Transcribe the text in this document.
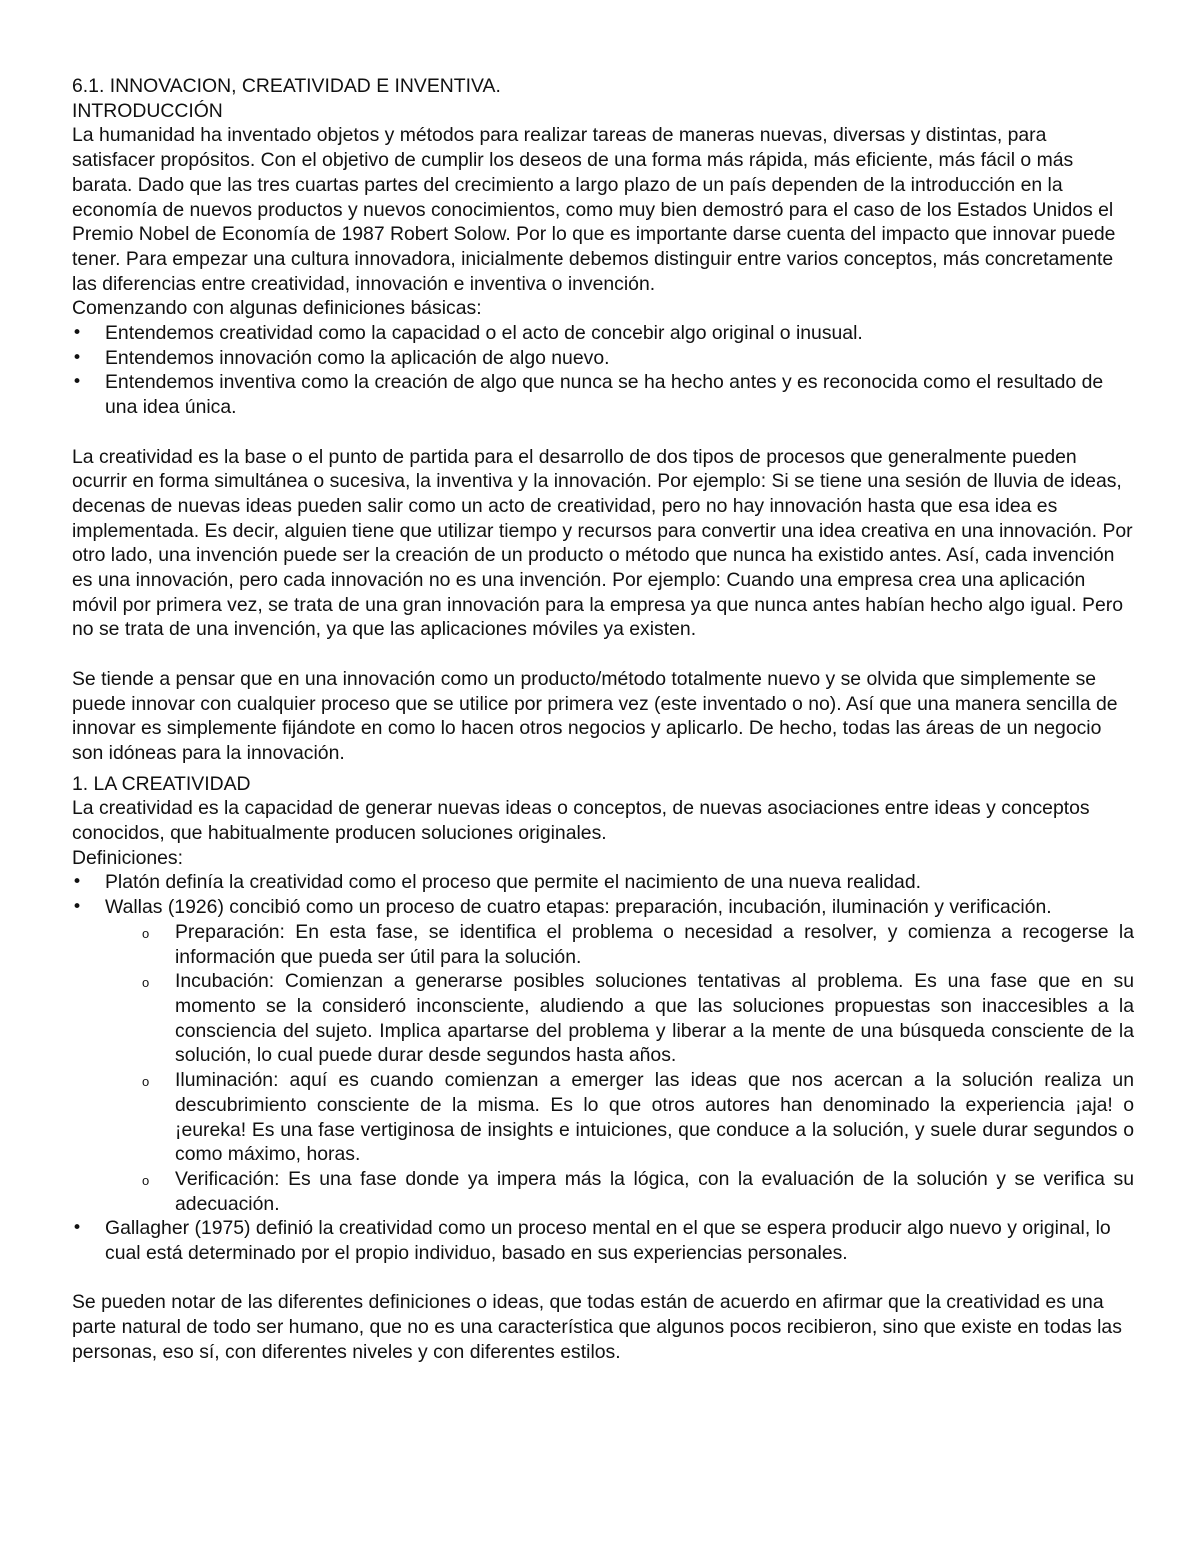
6.1. INNOVACION, CREATIVIDAD E INVENTIVA.

INTRODUCCIÓN

La humanidad ha inventado objetos y métodos para realizar tareas de maneras nuevas, diversas y distintas, para satisfacer propósitos. Con el objetivo de cumplir los deseos de una forma más rápida, más eficiente, más fácil o más barata. Dado que las tres cuartas partes del crecimiento a largo plazo de un país dependen de la introducción en la economía de nuevos productos y nuevos conocimientos, como muy bien demostró para el caso de los Estados Unidos el Premio Nobel de Economía de 1987 Robert Solow. Por lo que es importante darse cuenta del impacto que innovar puede tener. Para empezar una cultura innovadora, inicialmente debemos distinguir entre varios conceptos, más concretamente las diferencias entre creatividad, innovación e inventiva o invención.

Comenzando con algunas definiciones básicas:

• Entendemos creatividad como la capacidad o el acto de concebir algo original o inusual.
• Entendemos innovación como la aplicación de algo nuevo.
• Entendemos inventiva como la creación de algo que nunca se ha hecho antes y es reconocida como el resultado de una idea única.

La creatividad es la base o el punto de partida para el desarrollo de dos tipos de procesos que generalmente pueden ocurrir en forma simultánea o sucesiva, la inventiva y la innovación. Por ejemplo: Si se tiene una sesión de lluvia de ideas, decenas de nuevas ideas pueden salir como un acto de creatividad, pero no hay innovación hasta que esa idea es implementada. Es decir, alguien tiene que utilizar tiempo y recursos para convertir una idea creativa en una innovación. Por otro lado, una invención puede ser la creación de un producto o método que nunca ha existido antes. Así, cada invención es una innovación, pero cada innovación no es una invención. Por ejemplo: Cuando una empresa crea una aplicación móvil por primera vez, se trata de una gran innovación para la empresa ya que nunca antes habían hecho algo igual. Pero no se trata de una invención, ya que las aplicaciones móviles ya existen.

Se tiende a pensar que en una innovación como un producto/método totalmente nuevo y se olvida que simplemente se puede innovar con cualquier proceso que se utilice por primera vez (este inventado o no). Así que una manera sencilla de innovar es simplemente fijándote en como lo hacen otros negocios y aplicarlo. De hecho, todas las áreas de un negocio son idóneas para la innovación.

1. LA CREATIVIDAD

La creatividad es la capacidad de generar nuevas ideas o conceptos, de nuevas asociaciones entre ideas y conceptos conocidos, que habitualmente producen soluciones originales.

Definiciones:

• Platón definía la creatividad como el proceso que permite el nacimiento de una nueva realidad.
• Wallas (1926) concibió como un proceso de cuatro etapas: preparación, incubación, iluminación y verificación.
o Preparación: En esta fase, se identifica el problema o necesidad a resolver, y comienza a recogerse la información que pueda ser útil para la solución.
o Incubación: Comienzan a generarse posibles soluciones tentativas al problema. Es una fase que en su momento se la consideró inconsciente, aludiendo a que las soluciones propuestas son inaccesibles a la consciencia del sujeto. Implica apartarse del problema y liberar a la mente de una búsqueda consciente de la solución, lo cual puede durar desde segundos hasta años.
o Iluminación: aquí es cuando comienzan a emerger las ideas que nos acercan a la solución realiza un descubrimiento consciente de la misma. Es lo que otros autores han denominado la experiencia ¡aja! o ¡eureka! Es una fase vertiginosa de insights e intuiciones, que conduce a la solución, y suele durar segundos o como máximo, horas.
o Verificación: Es una fase donde ya impera más la lógica, con la evaluación de la solución y se verifica su adecuación.
• Gallagher (1975) definió la creatividad como un proceso mental en el que se espera producir algo nuevo y original, lo cual está determinado por el propio individuo, basado en sus experiencias personales.

Se pueden notar de las diferentes definiciones o ideas, que todas están de acuerdo en afirmar que la creatividad es una parte natural de todo ser humano, que no es una característica que algunos pocos recibieron, sino que existe en todas las personas, eso sí, con diferentes niveles y con diferentes estilos.
